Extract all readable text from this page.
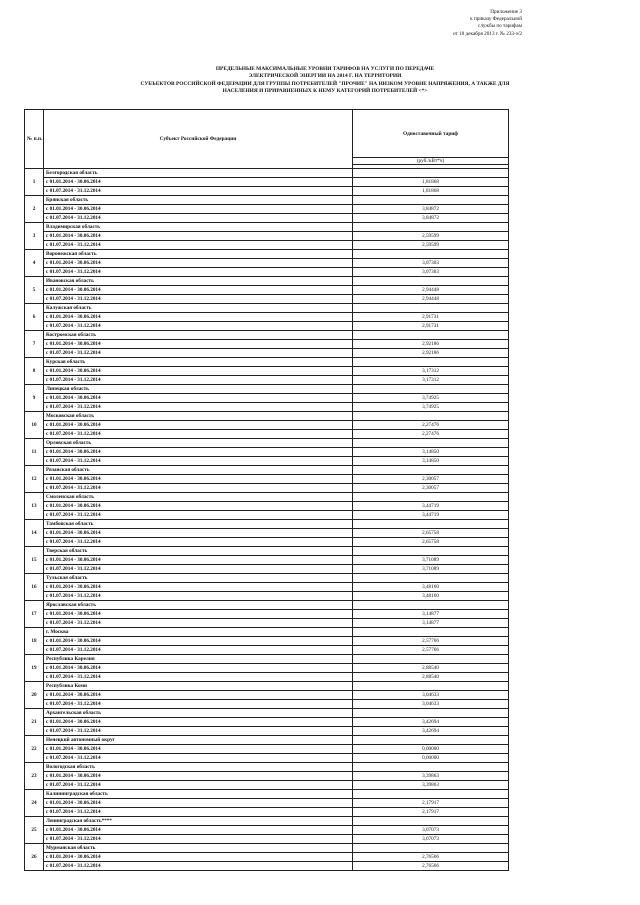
Приложение 3
к приказу Федеральной
службы по тарифам
от 18 декабря 2013 г. № 233-э/2
ПРЕДЕЛЬНЫЕ МАКСИМАЛЬНЫЕ УРОВНИ ТАРИФОВ НА УСЛУГИ ПО ПЕРЕДАЧЕ
ЭЛЕКТРИЧЕСКОЙ ЭНЕРГИИ НА 2014 Г. НА ТЕРРИТОРИИ
СУБЪЕКТОВ РОССИЙСКОЙ ФЕДЕРАЦИИ ДЛЯ ГРУППЫ ПОТРЕБИТЕЛЕЙ "ПРОЧИЕ" НА НИЗКОМ УРОВНЕ НАПРЯЖЕНИЯ, А ТАКЖЕ ДЛЯ
НАСЕЛЕНИЯ И ПРИРАВНЕННЫХ К НЕМУ КАТЕГОРИЙ ПОТРЕБИТЕЛЕЙ <*>
№ п.п.	Субъект Российской Федерации	Одноставочный тариф
		(руб./кВт*ч)

1	Белгородская область	
	с 01.01.2014 - 30.06.2014	1,81868
	с 01.07.2014 - 31.12.2014	1,81868
2	Брянская область	
	с 01.01.2014 - 30.06.2014	3,84872
	с 01.07.2014 - 31.12.2014	3,84872
3	Владимирская область	
	с 01.01.2014 - 30.06.2014	2,59599
	с 01.07.2014 - 31.12.2014	2,59599
4	Воронежская область	
	с 01.01.2014 - 30.06.2014	3,07303
	с 01.07.2014 - 31.12.2014	3,07303
5	Ивановская область	
	с 01.01.2014 - 30.06.2014	2,94448
	с 01.07.2014 - 31.12.2014	2,94448
6	Калужская область	
	с 01.01.2014 - 30.06.2014	2,91731
	с 01.07.2014 - 31.12.2014	2,91731
7	Костромская область	
	с 01.01.2014 - 30.06.2014	2,92186
	с 01.07.2014 - 31.12.2014	2,92186
8	Курская область	
	с 01.01.2014 - 30.06.2014	3,17312
	с 01.07.2014 - 31.12.2014	3,17312
9	Липецкая область	
	с 01.01.2014 - 30.06.2014	3,74925
	с 01.07.2014 - 31.12.2014	3,74925
10	Московская область	
	с 01.01.2014 - 30.06.2014	2,27476
	с 01.07.2014 - 31.12.2014	2,27476
11	Орловская область	
	с 01.01.2014 - 30.06.2014	3,14850
	с 01.07.2014 - 31.12.2014	3,14850
12	Рязанская область	
	с 01.01.2014 - 30.06.2014	2,30057
	с 01.07.2014 - 31.12.2014	2,30057
13	Смоленская область	
	с 01.01.2014 - 30.06.2014	3,44719
	с 01.07.2014 - 31.12.2014	3,44719
14	Тамбовская область	
	с 01.01.2014 - 30.06.2014	2,65758
	с 01.07.2014 - 31.12.2014	2,65758
15	Тверская область	
	с 01.01.2014 - 30.06.2014	3,71089
	с 01.07.2014 - 31.12.2014	3,71089
16	Тульская область	
	с 01.01.2014 - 30.06.2014	3,48160
	с 01.07.2014 - 31.12.2014	3,48160
17	Ярославская область	
	с 01.01.2014 - 30.06.2014	3,14877
	с 01.07.2014 - 31.12.2014	3,14877
18	г. Москва	
	с 01.01.2014 - 30.06.2014	2,57766
	с 01.07.2014 - 31.12.2014	2,57766
19	Республика Карелия	
	с 01.01.2014 - 30.06.2014	2,88540
	с 01.07.2014 - 31.12.2014	2,88540
20	Республика Коми	
	с 01.01.2014 - 30.06.2014	3,04633
	с 01.07.2014 - 31.12.2014	3,04633
21	Архангельская область	
	с 01.01.2014 - 30.06.2014	3,42694
	с 01.07.2014 - 31.12.2014	3,42694
22	Ненецкий автономный округ	
	с 01.01.2014 - 30.06.2014	0,00000
	с 01.07.2014 - 31.12.2014	0,00000
23	Вологодская область	
	с 01.01.2014 - 30.06.2014	3,39863
	с 01.07.2014 - 31.12.2014	3,39863
24	Калининградская область	
	с 01.01.2014 - 30.06.2014	2,17917
	с 01.07.2014 - 31.12.2014	2,17917
25	Ленинградская область****	
	с 01.01.2014 - 30.06.2014	3,07073
	с 01.07.2014 - 31.12.2014	3,07073
26	Мурманская область	
	с 01.01.2014 - 30.06.2014	2,76566
	с 01.07.2014 - 31.12.2014	2,76566
